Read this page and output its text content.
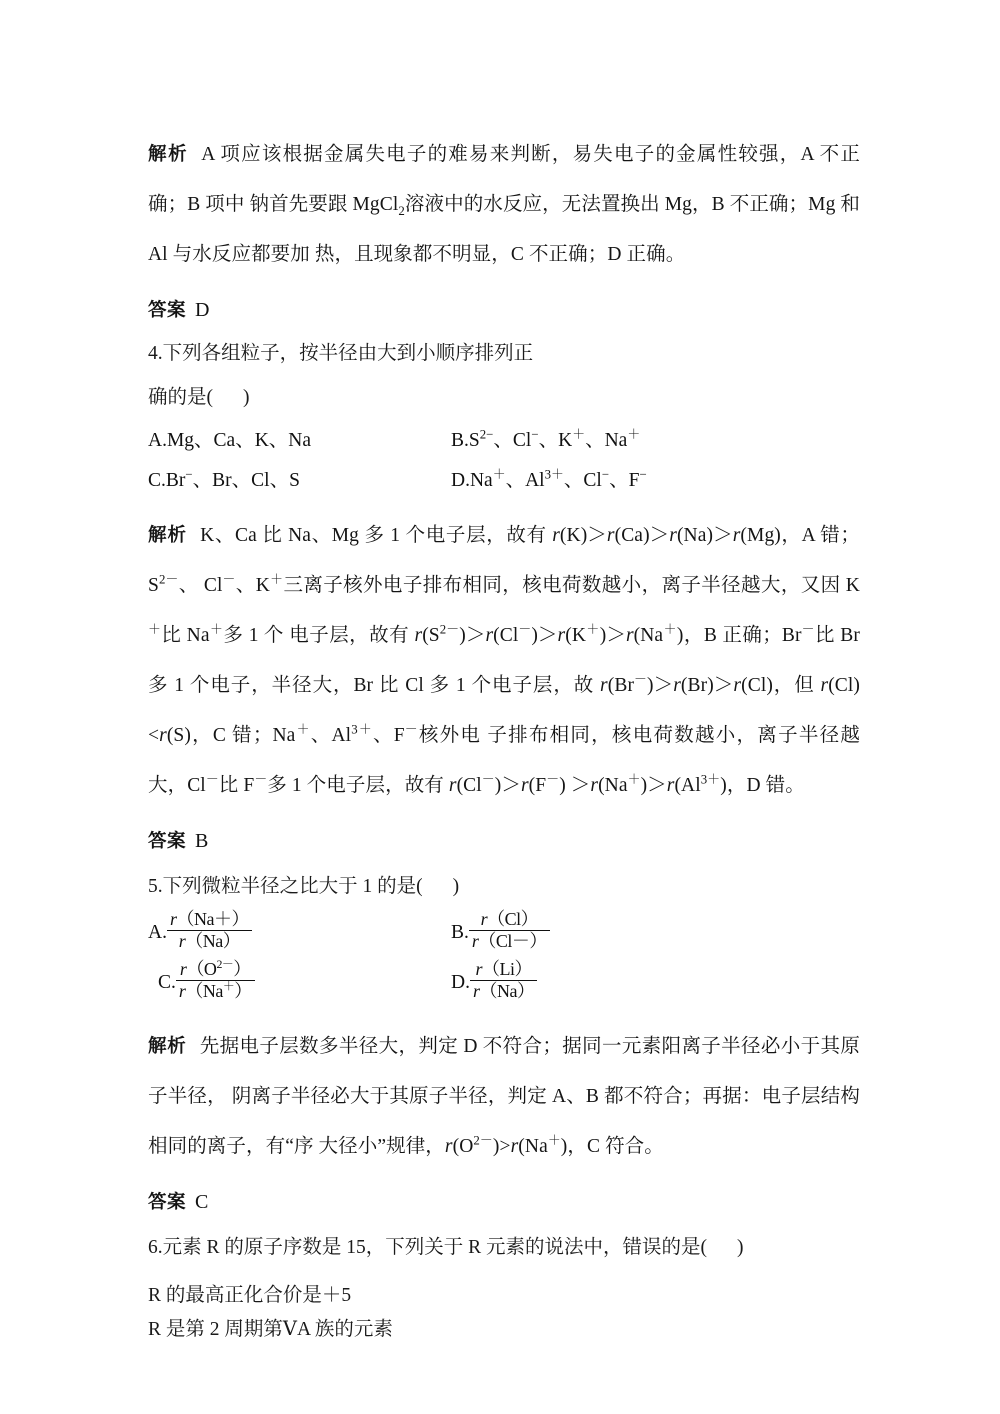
解析 A 项应该根据金属失电子的难易来判断，易失电子的金属性较强，A 不正确；B 项中 钠首先要跟 MgCl$_2$溶液中的水反应，无法置换出 Mg，B 不正确；Mg 和 Al 与水反应都要加 热，且现象都不明显，C 不正确；D 正确。
答案 D
4.下列各组粒子，按半径由大到小顺序排列正
确的是( )
A.Mg、Ca、K、Na	$B.S^{2-}$、Cl−、K＋、Na＋
C.Br−、Br、Cl、S	D.Na＋、$Al^{3+}$、Cl−、F−
解析 K、Ca 比 Na、Mg 多 1 个电子层，故有 r(K)＞r(Ca)＞r(Na)＞r(Mg)，A 错；$S^{2-}$、 Cl－、K＋三离子核外电子排布相同，核电荷数越小，离子半径越大，又因 K＋比 Na＋多 1 个 电子层，故有 $r(S^{2-})>r(Cl^-)>r(K^+)>r(Na^+)$，B 正确；Br－比 Br 多 1 个电子，半径大，Br 比 Cl 多 1 个电子层，故 r(Br－)＞r(Br)＞r(Cl)，但 r(Cl)<r(S)，C 错；Na＋、$Al^{3+}$、F－核外电 子排布相同，核电荷数越小，离子半径越大，Cl－比 F－多 1 个电子层，故有 $r(Cl^-)>r(F^-) >r(Na^+)>r(Al^{3+})$，D 错。
答案 B
5.下列微粒半径之比大于 1 的是( )
A. $\frac{r(Na+)}{r(Na)}$	B. $\frac{r(Cl)}{r(Cl-)}$
C. $\frac{r(O^{2-})}{r(Na^+)}$	D. $\frac{r(Li)}{r(Na)}$
解析 先据电子层数多半径大，判定 D 不符合；据同一元素阳离子半径必小于其原子半径， 阴离子半径必大于其原子半径，判定 A、B 都不符合；再据：电子层结构相同的离子，有“序 大径小”规律，$r(O^{2-})>r(Na^+)$，C 符合。
答案 C
6.元素 R 的原子序数是 15，下列关于 R 元素的说法中，错误的是( )
R 的最高正化合价是＋5
R 是第 2 周期第ⅤA 族的元素
